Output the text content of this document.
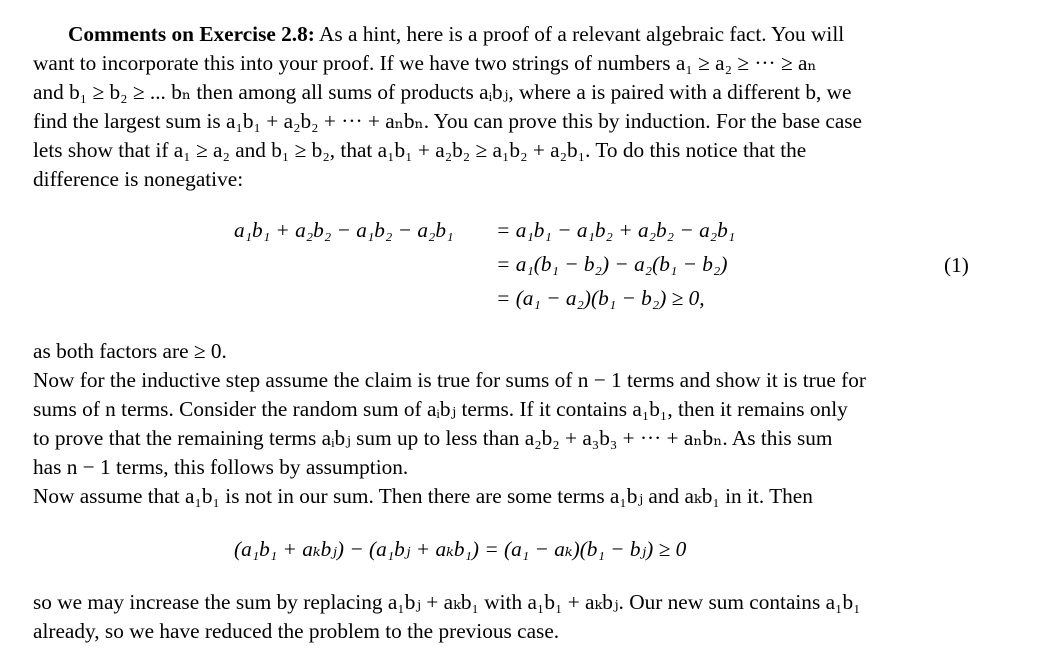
Comments on Exercise 2.8: As a hint, here is a proof of a relevant algebraic fact. You will
want to incorporate this into your proof. If we have two strings of numbers a₁ ≥ a₂ ≥ ··· ≥ aₙ
and b₁ ≥ b₂ ≥ ... bₙ then among all sums of products aᵢbⱼ, where a is paired with a different b, we
find the largest sum is a₁b₁ + a₂b₂ + ··· + aₙbₙ. You can prove this by induction. For the base case
lets show that if a₁ ≥ a₂ and b₁ ≥ b₂, that a₁b₁ + a₂b₂ ≥ a₁b₂ + a₂b₁. To do this notice that the
difference is nonegative:
a₁b₁ + a₂b₂ − a₁b₂ − a₂b₁ = a₁b₁ − a₁b₂ + a₂b₂ − a₂b₁
= a₁(b₁ − b₂) − a₂(b₁ − b₂)
= (a₁ − a₂)(b₁ − b₂) ≥ 0,
(1)
as both factors are ≥ 0.
Now for the inductive step assume the claim is true for sums of n − 1 terms and show it is true for
sums of n terms. Consider the random sum of aᵢbⱼ terms. If it contains a₁b₁, then it remains only
to prove that the remaining terms aᵢbⱼ sum up to less than a₂b₂ + a₃b₃ + ··· + aₙbₙ. As this sum
has n − 1 terms, this follows by assumption.
Now assume that a₁b₁ is not in our sum. Then there are some terms a₁bⱼ and aₖb₁ in it. Then
(a₁b₁ + aₖbⱼ) − (a₁bⱼ + aₖb₁) = (a₁ − aₖ)(b₁ − bⱼ) ≥ 0
so we may increase the sum by replacing a₁bⱼ + aₖb₁ with a₁b₁ + aₖbⱼ. Our new sum contains a₁b₁
already, so we have reduced the problem to the previous case.
